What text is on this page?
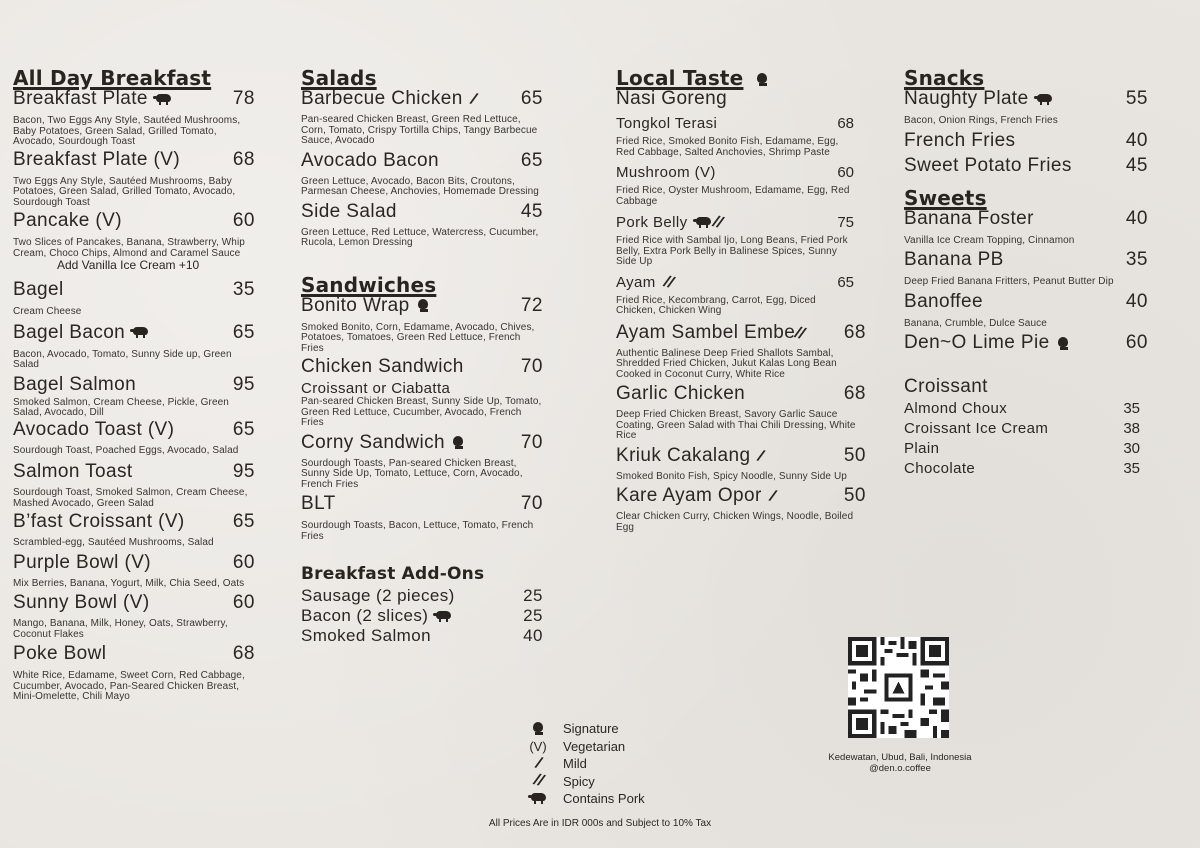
All Day Breakfast
Breakfast Plate	78
Bacon, Two Eggs Any Style, Sautéed Mushrooms, Baby Potatoes, Green Salad, Grilled Tomato, Avocado, Sourdough Toast
Breakfast Plate (V)	68
Two Eggs Any Style, Sautéed Mushrooms, Baby Potatoes, Green Salad, Grilled Tomato, Avocado, Sourdough Toast
Pancake (V)	60
Two Slices of Pancakes, Banana, Strawberry, Whip Cream, Choco Chips, Almond and Caramel Sauce
Add Vanilla Ice Cream +10
Bagel	35
Cream Cheese
Bagel Bacon	65
Bacon, Avocado, Tomato, Sunny Side up, Green Salad
Bagel Salmon	95
Smoked Salmon, Cream Cheese, Pickle, Green Salad, Avocado, Dill
Avocado Toast (V)	65
Sourdough Toast, Poached Eggs, Avocado, Salad
Salmon Toast	95
Sourdough Toast, Smoked Salmon, Cream Cheese, Mashed Avocado, Green Salad
B’fast Croissant (V)	65
Scrambled-egg, Sautéed Mushrooms, Salad
Purple Bowl (V)	60
Mix Berries, Banana, Yogurt, Milk, Chia Seed, Oats
Sunny Bowl (V)	60
Mango, Banana, Milk, Honey, Oats, Strawberry, Coconut Flakes
Poke Bowl	68
White Rice, Edamame, Sweet Corn, Red Cabbage, Cucumber, Avocado, Pan-Seared Chicken Breast, Mini-Omelette, Chili Mayo
Salads
Barbecue Chicken / 65
Pan-seared Chicken Breast, Green Red Lettuce, Corn, Tomato, Crispy Tortilla Chips, Tangy Barbecue Sauce, Avocado
Avocado Bacon	65
Green Lettuce, Avocado, Bacon Bits, Croutons, Parmesan Cheese, Anchovies, Homemade Dressing
Side Salad	45
Green Lettuce, Red Lettuce, Watercress, Cucumber, Rucola, Lemon Dressing
Sandwiches
Bonito Wrap	72
Smoked Bonito, Corn, Edamame, Avocado, Chives, Potatoes, Tomatoes, Green Red Lettuce, French Fries
Chicken Sandwich	70
Croissant or Ciabatta
Pan-seared Chicken Breast, Sunny Side Up, Tomato, Green Red Lettuce, Cucumber, Avocado, French Fries
Corny Sandwich	70
Sourdough Toasts, Pan-seared Chicken Breast, Sunny Side Up, Tomato, Lettuce, Corn, Avocado, French Fries
BLT	70
Sourdough Toasts, Bacon, Lettuce, Tomato, French Fries
Breakfast Add-Ons
Sausage (2 pieces)	25
Bacon (2 slices)	25
Smoked Salmon	40
Local Taste
Nasi Goreng
Tongkol Terasi	68
Fried Rice, Smoked Bonito Fish, Edamame, Egg, Red Cabbage, Salted Anchovies, Shrimp Paste
Mushroom (V)	60
Fried Rice, Oyster Mushroom, Edamame, Egg, Red Cabbage
Pork Belly //	75
Fried Rice with Sambal Ijo, Long Beans, Fried Pork Belly, Extra Pork Belly in Balinese Spices, Sunny Side Up
Ayam //	65
Fried Rice, Kecombrang, Carrot, Egg, Diced Chicken, Chicken Wing
Ayam Sambel Embe// 68
Authentic Balinese Deep Fried Shallots Sambal, Shredded Fried Chicken, Jukut Kalas Long Bean Cooked in Coconut Curry, White Rice
Garlic Chicken	68
Deep Fried Chicken Breast, Savory Garlic Sauce Coating, Green Salad with Thai Chili Dressing, White Rice
Kriuk Cakalang /	50
Smoked Bonito Fish, Spicy Noodle, Sunny Side Up
Kare Ayam Opor /	50
Clear Chicken Curry, Chicken Wings, Noodle, Boiled Egg
Snacks
Naughty Plate	55
Bacon, Onion Rings, French Fries
French Fries	40
Sweet Potato Fries	45
Sweets
Banana Foster	40
Vanilla Ice Cream Topping, Cinnamon
Banana PB	35
Deep Fried Banana Fritters, Peanut Butter Dip
Banoffee	40
Banana, Crumble, Dulce Sauce
Den~O Lime Pie	60
Croissant
Almond Choux	35
Croissant Ice Cream	38
Plain	30
Chocolate	35
Kedewatan, Ubud, Bali, Indonesia
@den.o.coffee
Signature
(V)	Vegetarian
/ Mild
// Spicy
Contains Pork
All Prices Are in IDR 000s and Subject to 10% Tax
